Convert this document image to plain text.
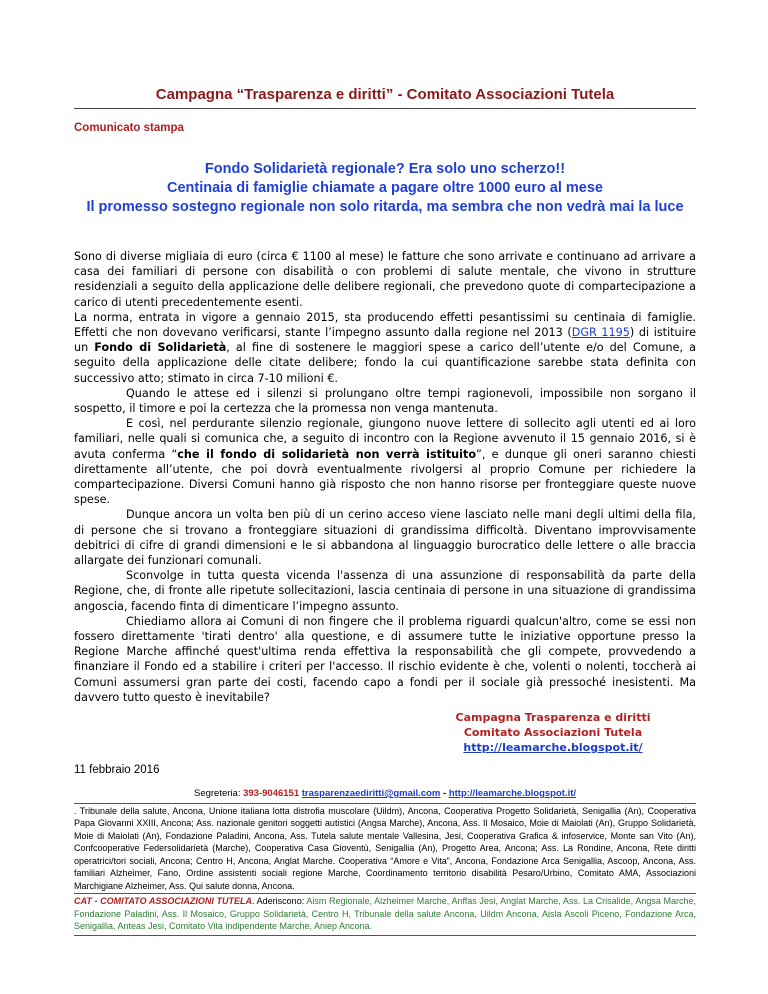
Campagna “Trasparenza e diritti” - Comitato Associazioni Tutela
Comunicato stampa
Fondo Solidarietà regionale? Era solo uno scherzo!!
Centinaia di famiglie chiamate a pagare oltre 1000 euro al mese
Il promesso sostegno regionale non solo ritarda, ma sembra che non vedrà mai la luce

Sono di diverse migliaia di euro (circa € 1100 al mese) le fatture che sono arrivate e continuano ad arrivare a casa dei familiari di persone con disabilità o con problemi di salute mentale, che vivono in strutture residenziali a seguito della applicazione delle delibere regionali, che prevedono quote di compartecipazione a carico di utenti precedentemente esenti.

La norma, entrata in vigore a gennaio 2015, sta producendo effetti pesantissimi su centinaia di famiglie. Effetti che non dovevano verificarsi, stante l’impegno assunto dalla regione nel 2013 (DGR 1195) di istituire un Fondo di Solidarietà, al fine di sostenere le maggiori spese a carico dell’utente e/o del Comune, a seguito della applicazione delle citate delibere; fondo la cui quantificazione sarebbe stata definita con successivo atto; stimato in circa 7-10 milioni €.

Quando le attese ed i silenzi si prolungano oltre tempi ragionevoli, impossibile non sorgano il sospetto, il timore e poi la certezza che la promessa non venga mantenuta.

E così, nel perdurante silenzio regionale, giungono nuove lettere di sollecito agli utenti ed ai loro familiari, nelle quali si comunica che, a seguito di incontro con la Regione avvenuto il 15 gennaio 2016, si è avuta conferma “che il fondo di solidarietà non verrà istituito”, e dunque gli oneri saranno chiesti direttamente all’utente, che poi dovrà eventualmente rivolgersi al proprio Comune per richiedere la compartecipazione. Diversi Comuni hanno già risposto che non hanno risorse per fronteggiare queste nuove spese.

Dunque ancora un volta ben più di un cerino acceso viene lasciato nelle mani degli ultimi della fila, di persone che si trovano a fronteggiare situazioni di grandissima difficoltà. Diventano improvvisamente debitrici di cifre di grandi dimensioni e le si abbandona al linguaggio burocratico delle lettere o alle braccia allargate dei funzionari comunali.

Sconvolge in tutta questa vicenda l'assenza di una assunzione di responsabilità da parte della Regione, che, di fronte alle ripetute sollecitazioni, lascia centinaia di persone in una situazione di grandissima angoscia, facendo finta di dimenticare l’impegno assunto.

Chiediamo allora ai Comuni di non fingere che il problema riguardi qualcun'altro, come se essi non fossero direttamente 'tirati dentro' alla questione, e di assumere tutte le iniziative opportune presso la Regione Marche affinché quest'ultima renda effettiva la responsabilità che gli compete, provvedendo a finanziare il Fondo ed a stabilire i criteri per l'accesso. Il rischio evidente è che, volenti o nolenti, toccherà ai Comuni assumersi gran parte dei costi, facendo capo a fondi per il sociale già pressoché inesistenti. Ma davvero tutto questo è inevitabile?

Campagna Trasparenza e diritti
Comitato Associazioni Tutela
http://leamarche.blogspot.it/
11 febbraio 2016
Segreteria: 393-9046151 trasparenzaediritti@gmail.com - http://leamarche.blogspot.it/
. Tribunale della salute, Ancona, Unione italiana lotta distrofia muscolare (Uildm), Ancona, Cooperativa Progetto Solidarietà, Senigallia (An), Cooperativa Papa Giovanni XXIII, Ancona; Ass. nazionale genitori soggetti autistici (Angsa Marche), Ancona, Ass. Il Mosaico, Moie di Maiolati (An), Gruppo Solidarietà, Moie di Maiolati (An), Fondazione Paladini, Ancona, Ass. Tutela salute mentale Vallesina, Jesi, Cooperativa Grafica & infoservice, Monte san Vito (An), Confcooperative Federsolidarietà (Marche), Cooperativa Casa Gioventù, Senigallia (An), Progetto Area, Ancona; Ass. La Rondine, Ancona, Rete diritti operatrici/tori sociali, Ancona; Centro H, Ancona, Anglat Marche. Cooperativa “Amore e Vita”, Ancona, Fondazione Arca Senigallia, Ascoop, Ancona, Ass. familiari Alzheimer, Fano, Ordine assistenti sociali regione Marche, Coordinamento territorio disabilità Pesaro/Urbino, Comitato AMA, Associazioni Marchigiane Alzheimer, Ass. Qui salute donna, Ancona.
CAT - COMITATO ASSOCIAZIONI TUTELA. Aderiscono: Aism Regionale, Alzheimer Marche, Anffas Jesi, Anglat Marche, Ass. La Crisalide, Angsa Marche, Fondazione Paladini, Ass. Il Mosaico, Gruppo Solidarietà, Centro H, Tribunale della salute Ancona, Uildm Ancona, Aisla Ascoli Piceno, Fondazione Arca, Senigallia, Anteas Jesi, Comitato Vita indipendente Marche, Aniep Ancona.
